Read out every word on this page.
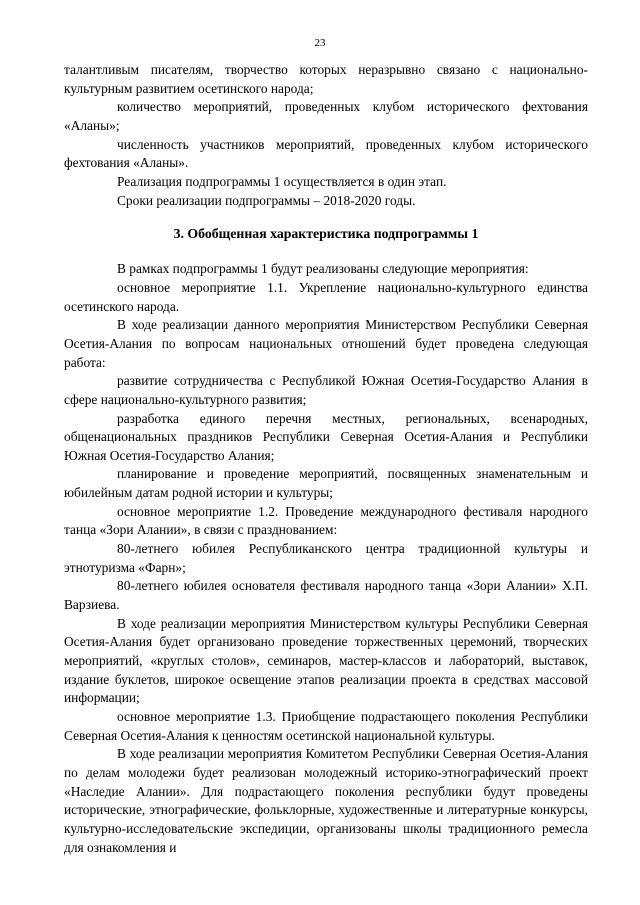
23

талантливым писателям, творчество которых неразрывно связано с национально-культурным развитием осетинского народа;

количество мероприятий, проведенных клубом исторического фехтования «Аланы»;

численность участников мероприятий, проведенных клубом исторического фехтования «Аланы».

Реализация подпрограммы 1 осуществляется в один этап.

Сроки реализации подпрограммы – 2018-2020 годы.

3. Обобщенная характеристика подпрограммы 1

В рамках подпрограммы 1 будут реализованы следующие мероприятия:

основное мероприятие 1.1. Укрепление национально-культурного единства осетинского народа.

В ходе реализации данного мероприятия Министерством Республики Северная Осетия-Алания по вопросам национальных отношений будет проведена следующая работа:

развитие сотрудничества с Республикой Южная Осетия-Государство Алания в сфере национально-культурного развития;

разработка единого перечня местных, региональных, всенародных, общенациональных праздников Республики Северная Осетия-Алания и Республики Южная Осетия-Государство Алания;

планирование и проведение мероприятий, посвященных знаменательным и юбилейным датам родной истории и культуры;

основное мероприятие 1.2. Проведение международного фестиваля народного танца «Зори Алании», в связи с празднованием:

80-летнего юбилея Республиканского центра традиционной культуры и этнотуризма «Фарн»;

80-летнего юбилея основателя фестиваля народного танца «Зори Алании» Х.П. Варзиева.

В ходе реализации мероприятия Министерством культуры Республики Северная Осетия-Алания будет организовано проведение торжественных церемоний, творческих мероприятий, «круглых столов», семинаров, мастер-классов и лабораторий, выставок, издание буклетов, широкое освещение этапов реализации проекта в средствах массовой информации;

основное мероприятие 1.3. Приобщение подрастающего поколения Республики Северная Осетия-Алания к ценностям осетинской национальной культуры.

В ходе реализации мероприятия Комитетом Республики Северная Осетия-Алания по делам молодежи будет реализован молодежный историко-этнографический проект «Наследие Алании». Для подрастающего поколения республики будут проведены исторические, этнографические, фольклорные, художественные и литературные конкурсы, культурно-исследовательские экспедиции, организованы школы традиционного ремесла для ознакомления и
